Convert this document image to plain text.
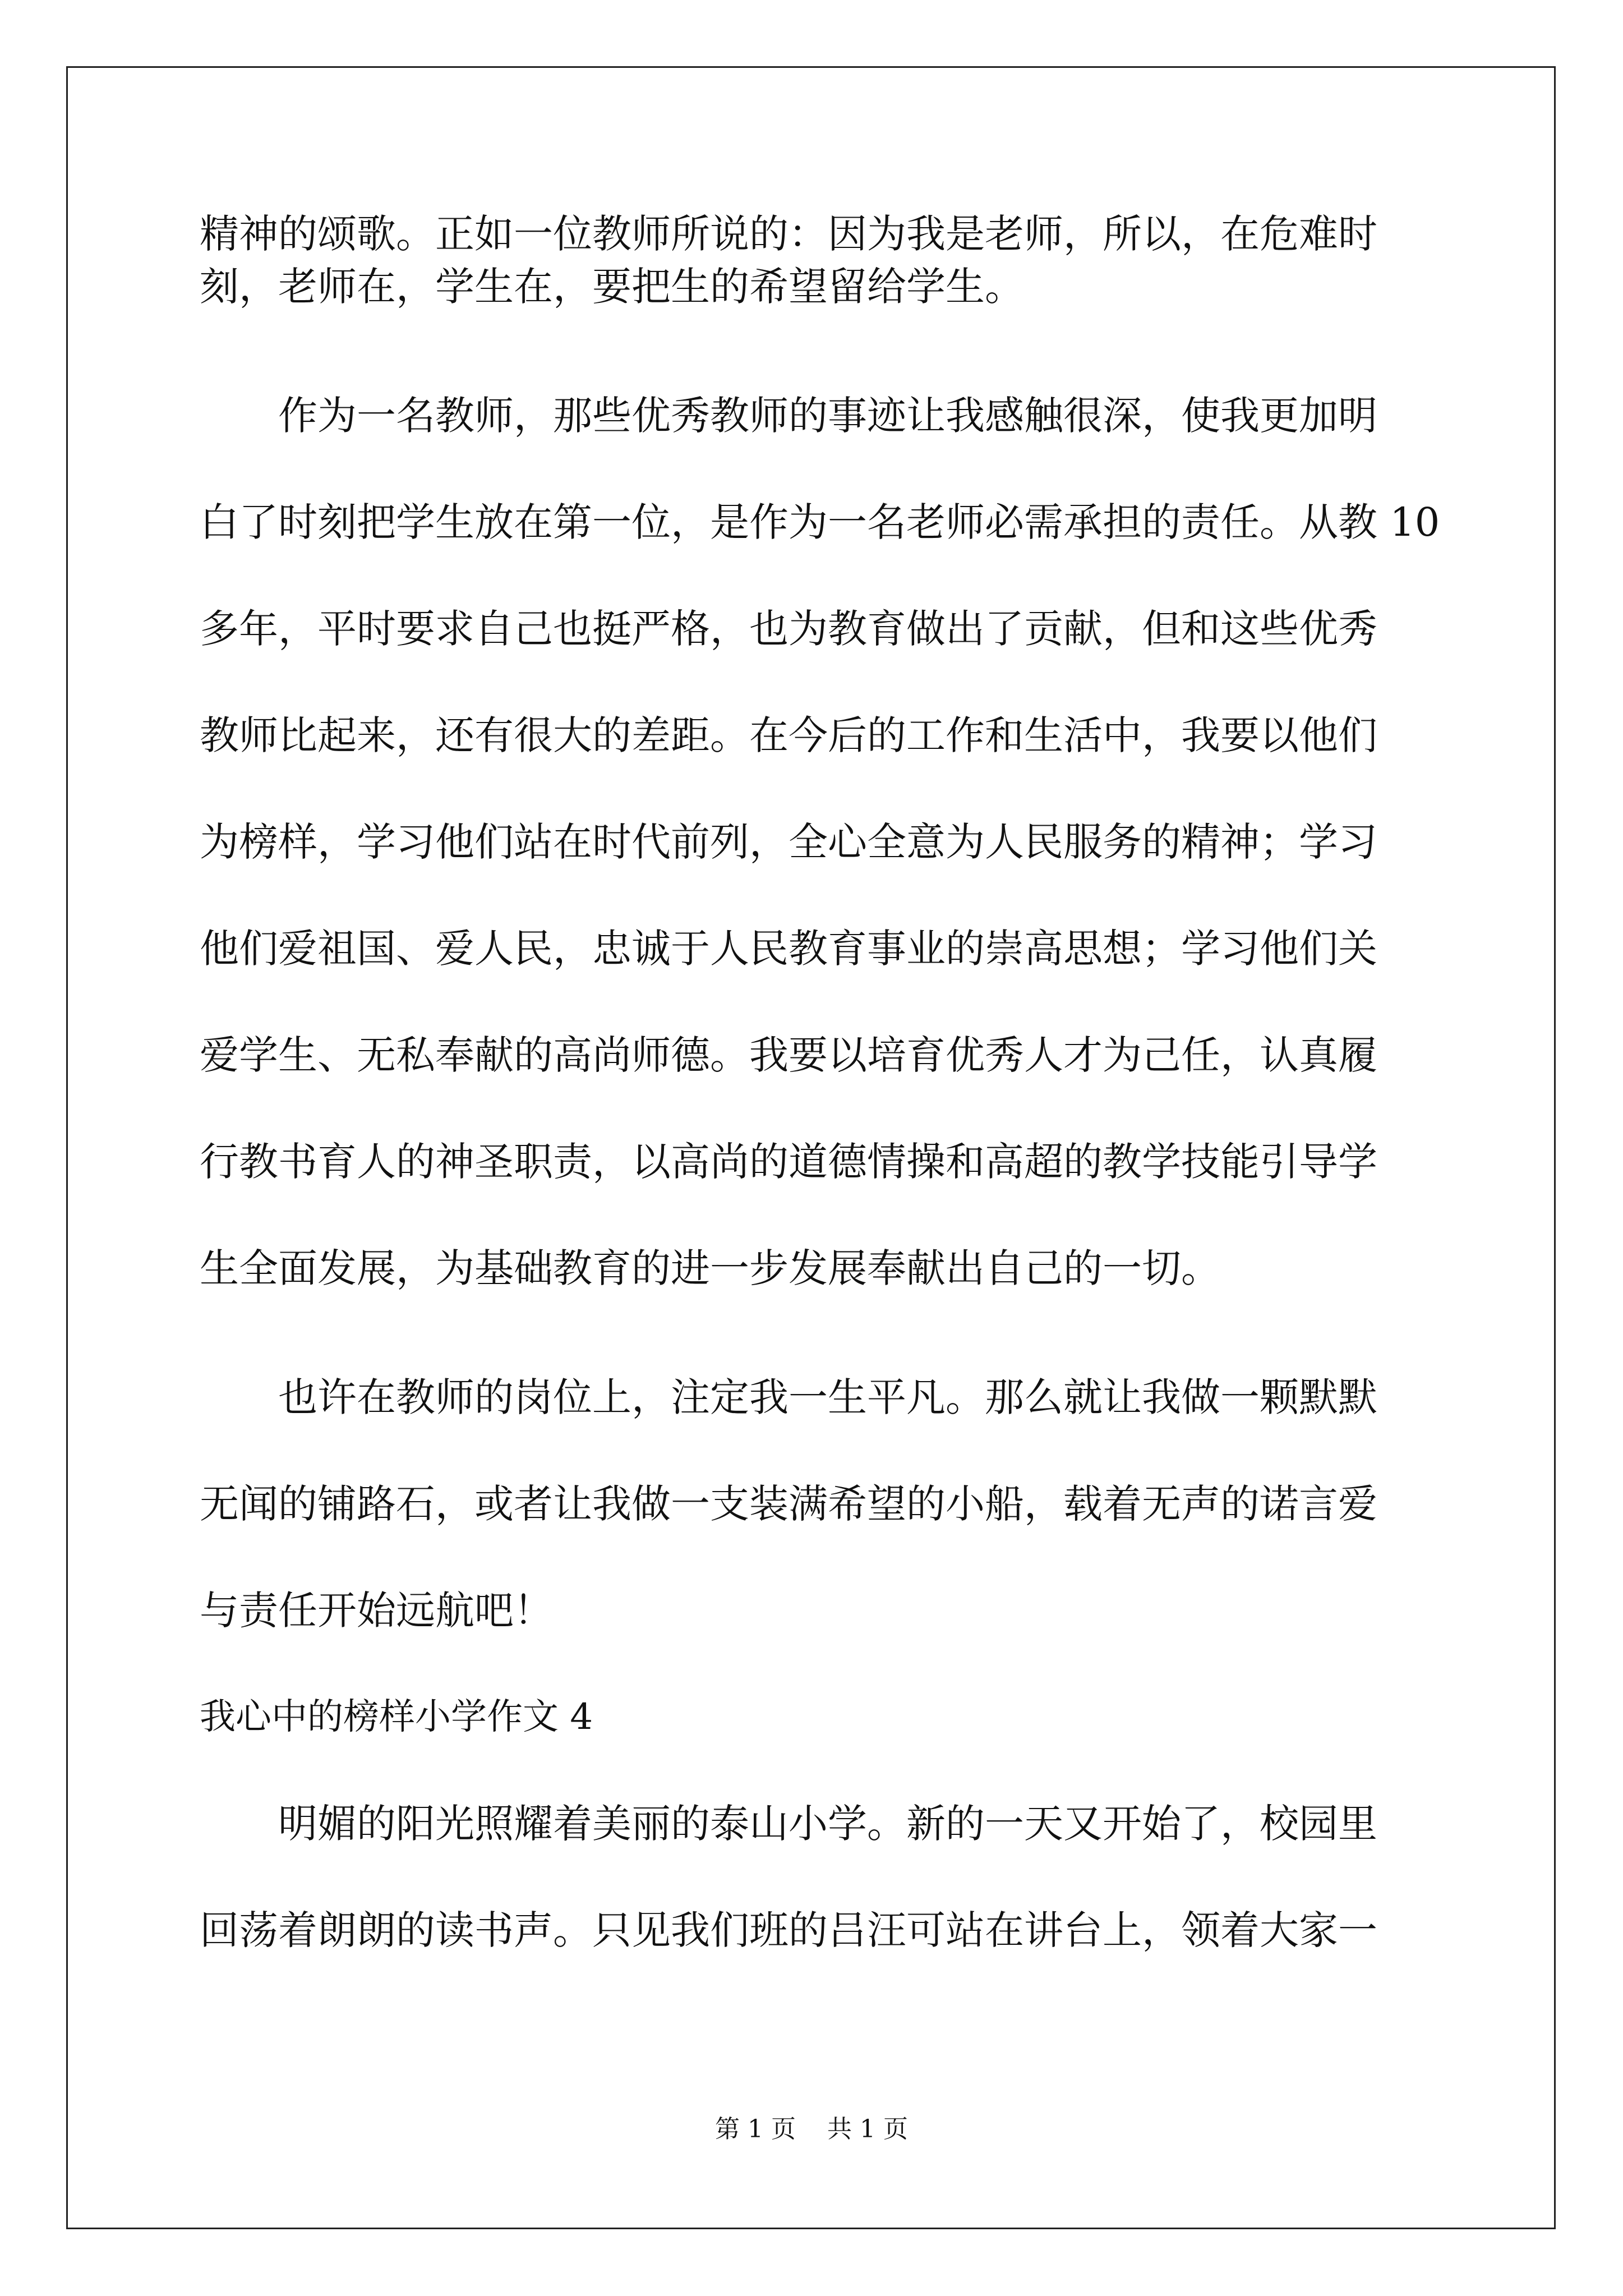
精神的颂歌。正如一位教师所说的：因为我是老师，所以，在危难时
刻，老师在，学生在，要把生的希望留给学生。
　　作为一名教师，那些优秀教师的事迹让我感触很深，使我更加明
白了时刻把学生放在第一位，是作为一名老师必需承担的责任。从教 10
多年，平时要求自己也挺严格，也为教育做出了贡献，但和这些优秀
教师比起来，还有很大的差距。在今后的工作和生活中，我要以他们
为榜样，学习他们站在时代前列，全心全意为人民服务的精神；学习
他们爱祖国、爱人民，忠诚于人民教育事业的崇高思想；学习他们关
爱学生、无私奉献的高尚师德。我要以培育优秀人才为己任，认真履
行教书育人的神圣职责，以高尚的道德情操和高超的教学技能引导学
生全面发展，为基础教育的进一步发展奉献出自己的一切。
　　也许在教师的岗位上，注定我一生平凡。那么就让我做一颗默默
无闻的铺路石，或者让我做一支装满希望的小船，载着无声的诺言爱
与责任开始远航吧！
我心中的榜样小学作文 4
　　明媚的阳光照耀着美丽的泰山小学。新的一天又开始了，校园里
回荡着朗朗的读书声。只见我们班的吕汪可站在讲台上，领着大家一
第 1 页 共 1 页
